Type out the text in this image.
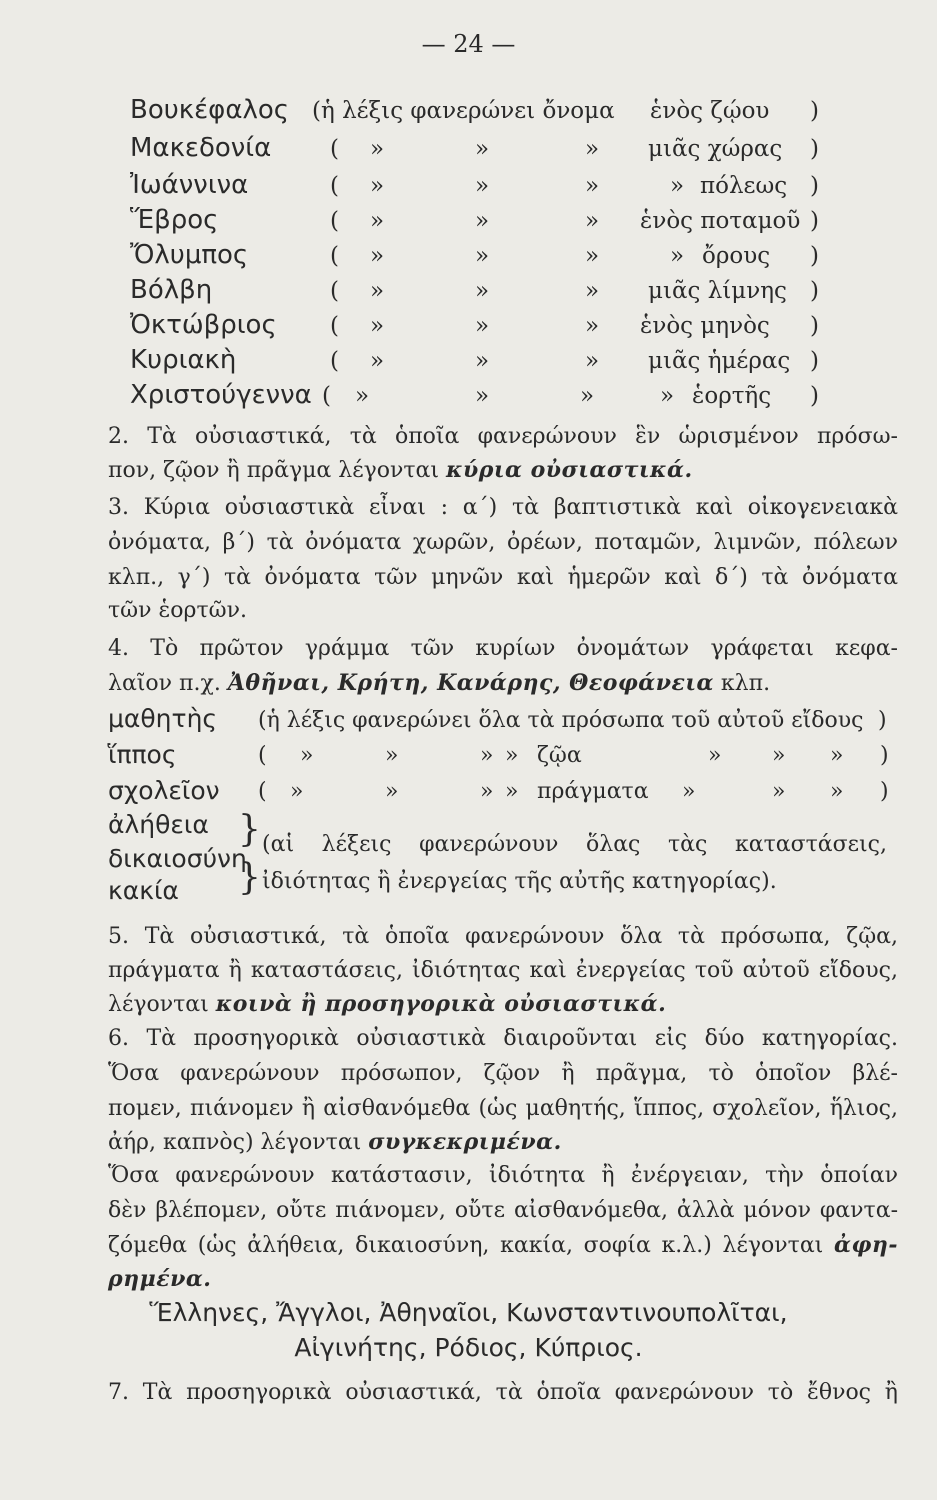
— 24 —
Βουκέφαλος (ἡ λέξις φανερώνει ὄνομα ἑνὸς ζῴου )
Μακεδονία	( »	»	» μιᾶς χώρας )
Ἰωάννινα	( »	»	»	» πόλεως )
Ἕβρος	( »	»	» ἑνὸς ποταμοῦ )
Ὄλυμπος	( »	»	»	» ὄρους )
Βόλβη	( »	»	» μιᾶς λίμνης )
Ὀκτώβριος ( »	»	» ἑνὸς μηνὸς )
Κυριακὴ	( »	»	» μιᾶς ἡμέρας )
Χριστούγεννα ( »	»	»	» ἑορτῆς )
2. Τὰ οὐσιαστικά, τὰ ὁποῖα φανερώνουν ἓν ὡρισμένον πρόσω-
πον, ζῷον ἢ πρᾶγμα λέγονται κύρια οὐσιαστικά.
3. Κύρια οὐσιαστικὰ εἶναι : α΄) τὰ βαπτιστικὰ καὶ οἰκογενειακὰ
ὀνόματα, β΄) τὰ ὀνόματα χωρῶν, ὀρέων, ποταμῶν, λιμνῶν, πόλεων
κλπ., γ΄) τὰ ὀνόματα τῶν μηνῶν καὶ ἡμερῶν καὶ δ΄) τὰ ὀνόματα
τῶν ἑορτῶν.
4. Τὸ πρῶτον γράμμα τῶν κυρίων ὀνομάτων γράφεται κεφα-
λαῖον π.χ. Ἀθῆναι, Κρήτη, Κανάρης, Θεοφάνεια κλπ.
μαθητὴς (ἡ λέξις φανερώνει ὅλα τὰ πρόσωπα τοῦ αὐτοῦ εἴδους )
ἵππος	( »	»	» » ζῷα	» » » )
σχολεῖον ( »	»	» » πράγματα »	» » )
ἀλήθεια
δικαιοσύνη
κακία
}
}
(αἱ λέξεις φανερώνουν ὅλας τὰς καταστάσεις,
ἰδιότητας ἢ ἐνεργείας τῆς αὐτῆς κατηγορίας).
5. Τὰ οὐσιαστικά, τὰ ὁποῖα φανερώνουν ὅλα τὰ πρόσωπα, ζῷα,
πράγματα ἢ καταστάσεις, ἰδιότητας καὶ ἐνεργείας τοῦ αὐτοῦ εἴδους,
λέγονται κοινὰ ἢ προσηγορικὰ οὐσιαστικά.
6. Τὰ προσηγορικὰ οὐσιαστικὰ διαιροῦνται εἰς δύο κατηγορίας.
Ὅσα φανερώνουν πρόσωπον, ζῷον ἢ πρᾶγμα, τὸ ὁποῖον βλέ-
πομεν, πιάνομεν ἢ αἰσθανόμεθα (ὡς μαθητής, ἵππος, σχολεῖον, ἥλιος,
ἀήρ, καπνὸς) λέγονται συγκεκριμένα.
Ὅσα φανερώνουν κατάστασιν, ἰδιότητα ἢ ἐνέργειαν, τὴν ὁποίαν
δὲν βλέπομεν, οὔτε πιάνομεν, οὔτε αἰσθανόμεθα, ἀλλὰ μόνον φαντα-
ζόμεθα (ὡς ἀλήθεια, δικαιοσύνη, κακία, σοφία κ.λ.) λέγονται ἀφη-
ρημένα.
Ἕλληνες, Ἄγγλοι, Ἀθηναῖοι, Κωνσταντινουπολῖται,
Αἰγινήτης, Ρόδιος, Κύπριος.
7. Τὰ προσηγορικὰ οὐσιαστικά, τὰ ὁποῖα φανερώνουν τὸ ἔθνος ἢ
